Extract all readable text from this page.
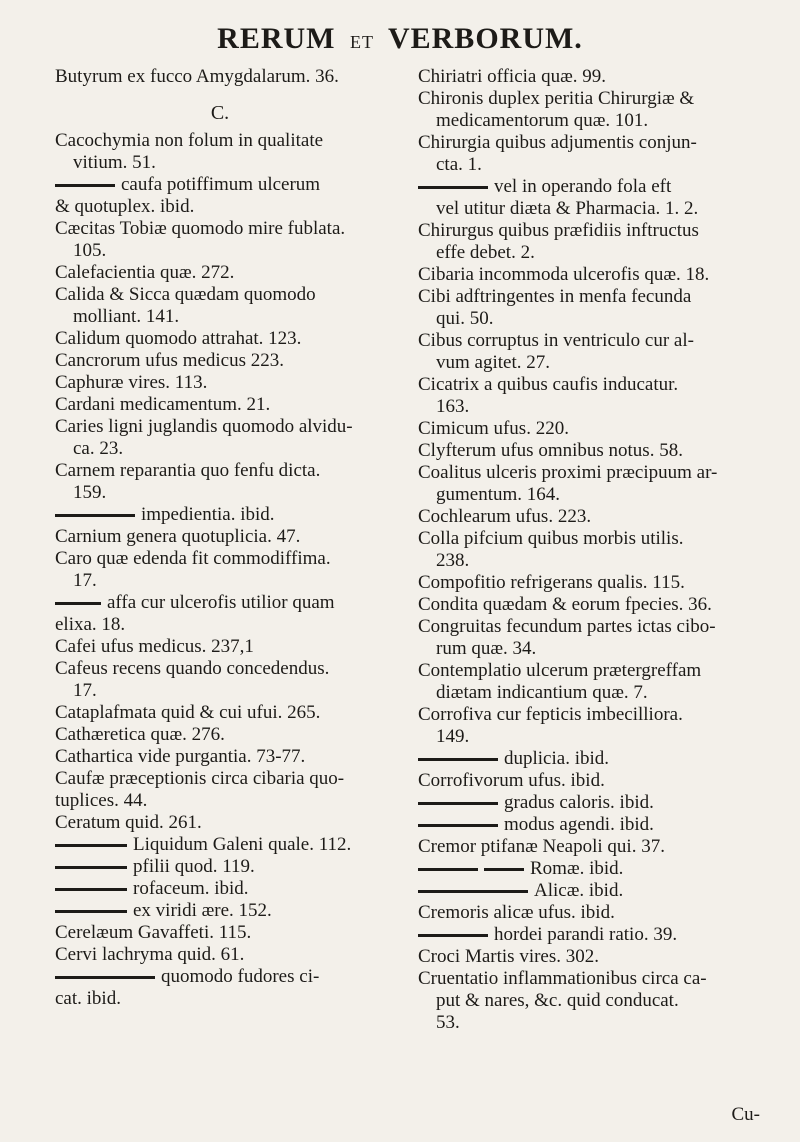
RERUM ET VERBORUM.

Butyrum ex fucco Amygdalarum. 36.

C.

Cacochymia non folum in qualitate

vitium. 51.

caufa potiffimum ulcerum

& quotuplex. ibid.

Cæcitas Tobiæ quomodo mire fublata.

105.

Calefacientia quæ. 272.

Calida & Sicca quædam quomodo

molliant. 141.

Calidum quomodo attrahat. 123.

Cancrorum ufus medicus 223.

Caphuræ vires. 113.

Cardani medicamentum. 21.

Caries ligni juglandis quomodo alvidu-

ca. 23.

Carnem reparantia quo fenfu dicta.

159.

impedientia. ibid.

Carnium genera quotuplicia. 47.

Caro quæ edenda fit commodiffima.

17.

affa cur ulcerofis utilior quam

elixa. 18.

Cafei ufus medicus. 237,1

Cafeus recens quando concedendus.

17.

Cataplafmata quid & cui ufui. 265.

Cathæretica quæ. 276.

Cathartica vide purgantia. 73-77.

Caufæ præceptionis circa cibaria quo-

tuplices. 44.

Ceratum quid. 261.

Liquidum Galeni quale. 112.

pfilii quod. 119.

rofaceum. ibid.

ex viridi ære. 152.

Cerelæum Gavaffeti. 115.

Cervi lachryma quid. 61.

quomodo fudores ci-

cat. ibid.

Chiriatri officia quæ. 99.

Chironis duplex peritia Chirurgiæ &

medicamentorum quæ. 101.

Chirurgia quibus adjumentis conjun-

cta. 1.

vel in operando fola eft

vel utitur diæta & Pharmacia. 1. 2.

Chirurgus quibus præfidiis inftructus

effe debet. 2.

Cibaria incommoda ulcerofis quæ. 18.

Cibi adftringentes in menfa fecunda

qui. 50.

Cibus corruptus in ventriculo cur al-

vum agitet. 27.

Cicatrix a quibus caufis inducatur.

163.

Cimicum ufus. 220.

Clyfterum ufus omnibus notus. 58.

Coalitus ulceris proximi præcipuum ar-

gumentum. 164.

Cochlearum ufus. 223.

Colla pifcium quibus morbis utilis.

238.

Compofitio refrigerans qualis. 115.

Condita quædam & eorum fpecies. 36.

Congruitas fecundum partes ictas cibo-

rum quæ. 34.

Contemplatio ulcerum prætergreffam

diætam indicantium quæ. 7.

Corrofiva cur fepticis imbecilliora.

149.

duplicia. ibid.

Corrofivorum ufus. ibid.

gradus caloris. ibid.

modus agendi. ibid.

Cremor ptifanæ Neapoli qui. 37.

Romæ. ibid.

Alicæ. ibid.

Cremoris alicæ ufus. ibid.

hordei parandi ratio. 39.

Croci Martis vires. 302.

Cruentatio inflammationibus circa ca-

put & nares, &c. quid conducat.

53.

Cu-
